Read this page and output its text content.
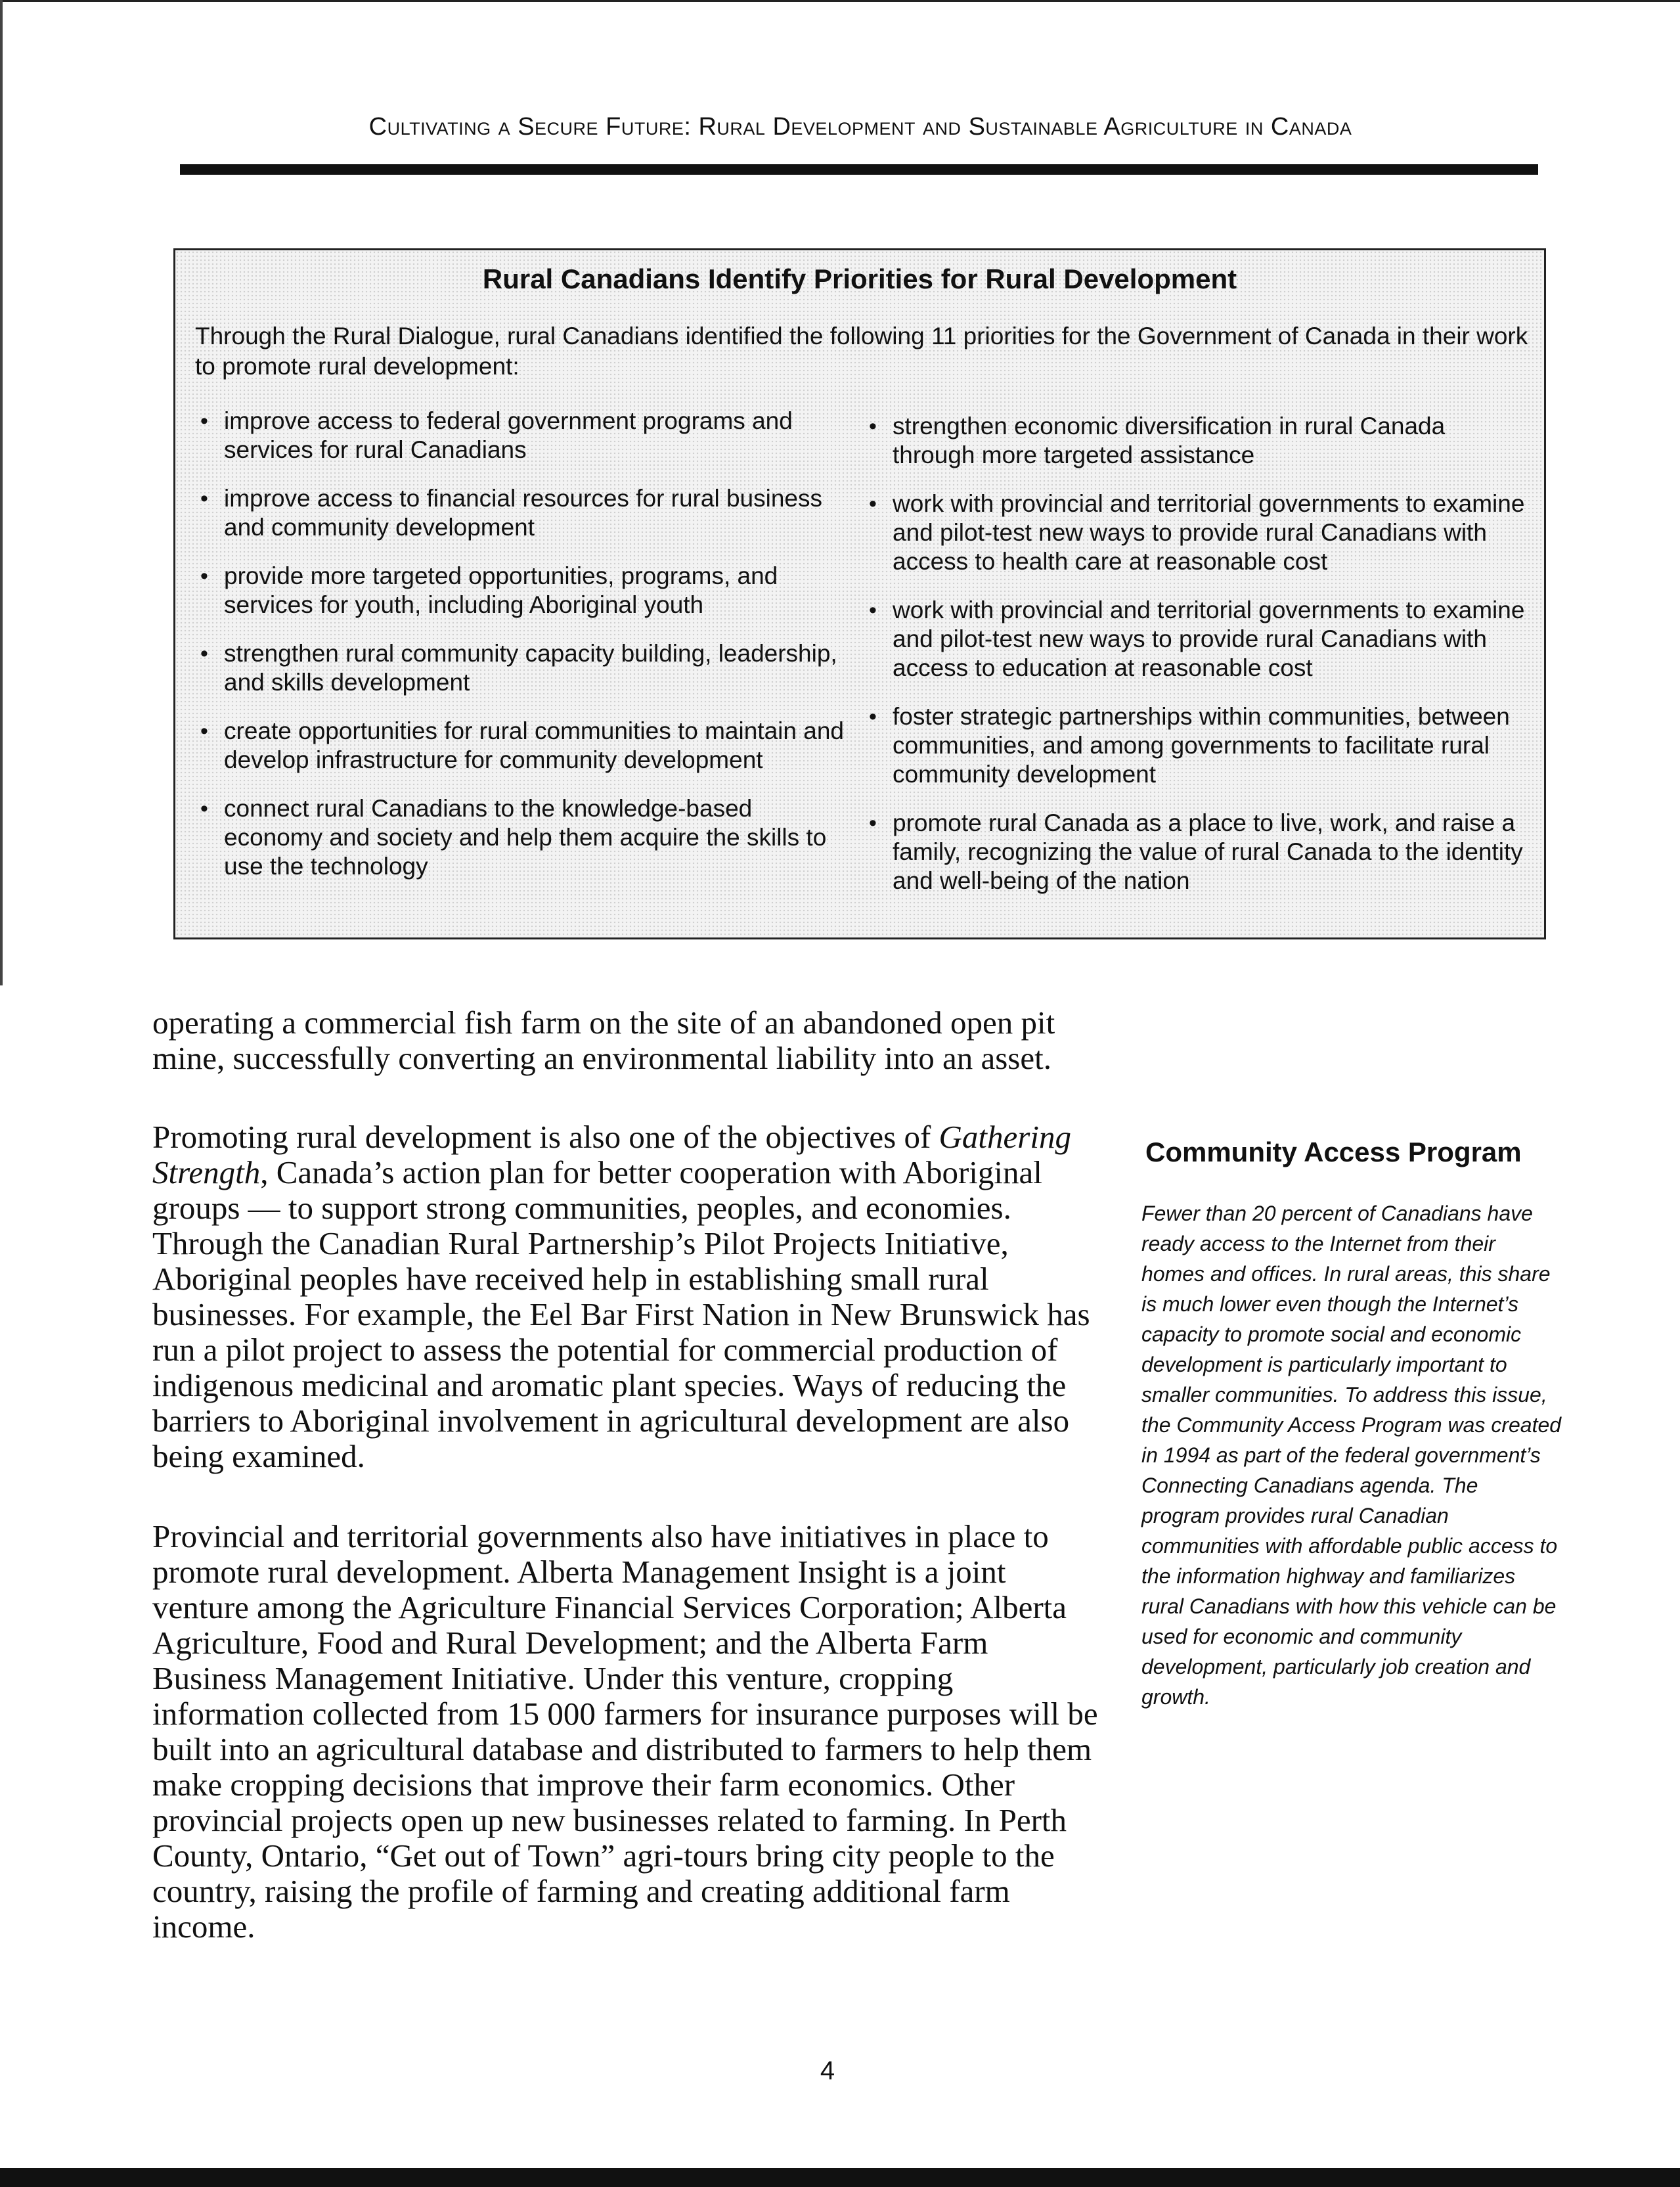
Cultivating a Secure Future: Rural Development and Sustainable Agriculture in Canada
Rural Canadians Identify Priorities for Rural Development
Through the Rural Dialogue, rural Canadians identified the following 11 priorities for the Government of Canada in their work to promote rural development:
• improve access to federal government programs and services for rural Canadians
• improve access to financial resources for rural business and community development
• provide more targeted opportunities, programs, and services for youth, including Aboriginal youth
• strengthen rural community capacity building, leadership, and skills development
• create opportunities for rural communities to maintain and develop infrastructure for community development
• connect rural Canadians to the knowledge-based economy and society and help them acquire the skills to use the technology
• strengthen economic diversification in rural Canada through more targeted assistance
• work with provincial and territorial governments to examine and pilot-test new ways to provide rural Canadians with access to health care at reasonable cost
• work with provincial and territorial governments to examine and pilot-test new ways to provide rural Canadians with access to education at reasonable cost
• foster strategic partnerships within communities, between communities, and among governments to facilitate rural community development
• promote rural Canada as a place to live, work, and raise a family, recognizing the value of rural Canada to the identity and well-being of the nation

operating a commercial fish farm on the site of an abandoned open pit mine, successfully converting an environmental liability into an asset.

Promoting rural development is also one of the objectives of Gathering Strength, Canada’s action plan for better cooperation with Aboriginal groups — to support strong communities, peoples, and economies. Through the Canadian Rural Partnership’s Pilot Projects Initiative, Aboriginal peoples have received help in establishing small rural businesses. For example, the Eel Bar First Nation in New Brunswick has run a pilot project to assess the potential for commercial production of indigenous medicinal and aromatic plant species. Ways of reducing the barriers to Aboriginal involvement in agricultural development are also being examined.

Provincial and territorial governments also have initiatives in place to promote rural development. Alberta Management Insight is a joint venture among the Agriculture Financial Services Corporation; Alberta Agriculture, Food and Rural Development; and the Alberta Farm Business Management Initiative. Under this venture, cropping information collected from 15 000 farmers for insurance purposes will be built into an agricultural database and distributed to farmers to help them make cropping decisions that improve their farm economics. Other provincial projects open up new businesses related to farming. In Perth County, Ontario, “Get out of Town” agri-tours bring city people to the country, raising the profile of farming and creating additional farm income.

Community Access Program
Fewer than 20 percent of Canadians have ready access to the Internet from their homes and offices. In rural areas, this share is much lower even though the Internet’s capacity to promote social and economic development is particularly important to smaller communities. To address this issue, the Community Access Program was created in 1994 as part of the federal government’s Connecting Canadians agenda. The program provides rural Canadian communities with affordable public access to the information highway and familiarizes rural Canadians with how this vehicle can be used for economic and community development, particularly job creation and growth.
4
